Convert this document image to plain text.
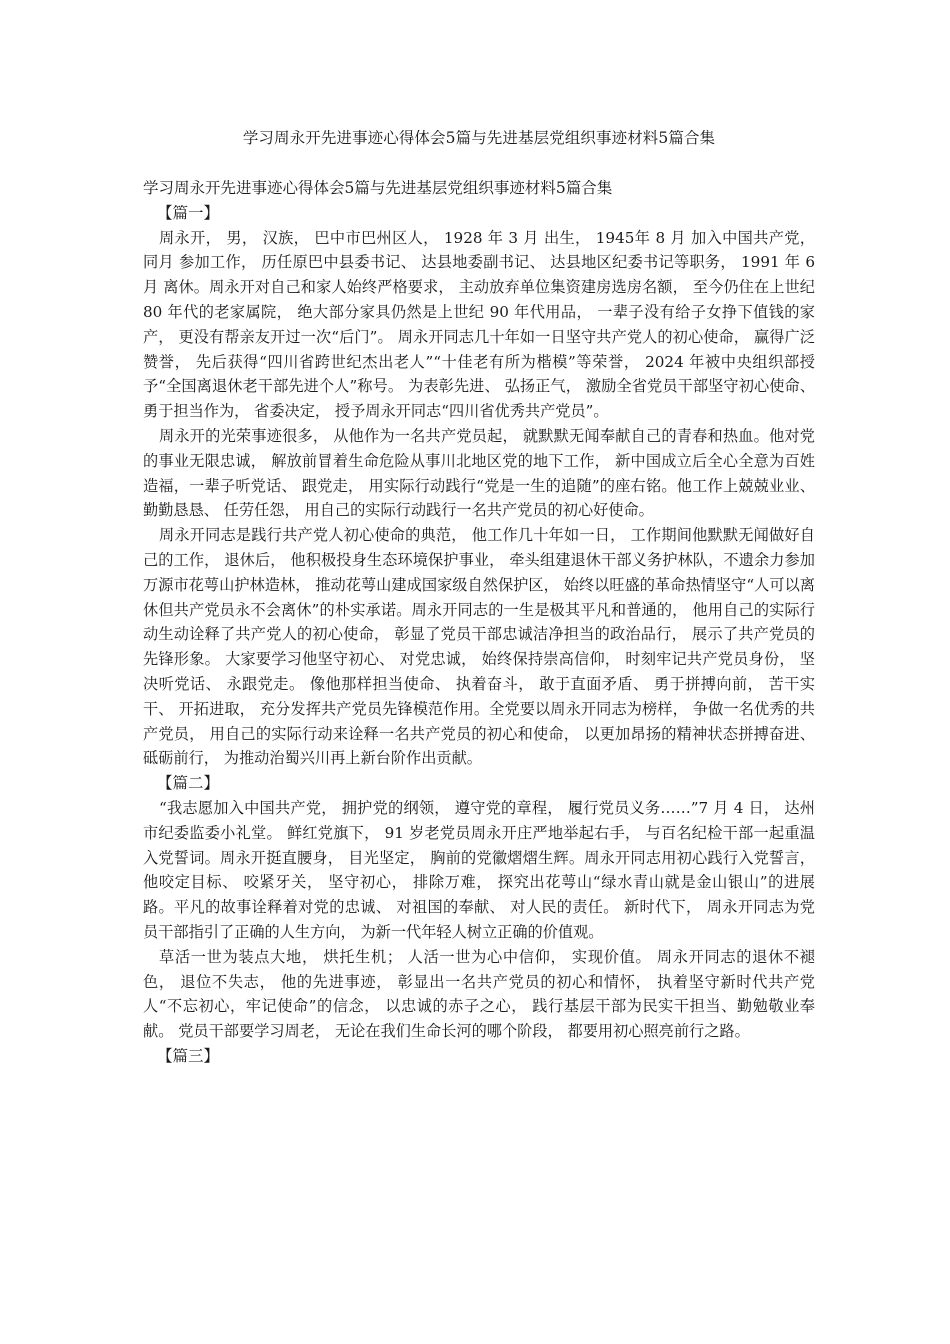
学习周永开先进事迹心得体会5篇与先进基层党组织事迹材料5篇合集

学习周永开先进事迹心得体会5篇与先进基层党组织事迹材料5篇合集

【篇一】

周永开， 男， 汉族， 巴中市巴州区人， 1928 年 3 月 出生， 1945年 8 月 加入中国共产党， 同月 参加工作， 历任原巴中县委书记、 达县地委副书记、 达县地区纪委书记等职务， 1991 年 6 月 离休。周永开对自己和家人始终严格要求， 主动放弃单位集资建房选房名额， 至今仍住在上世纪 80 年代的老家属院， 绝大部分家具仍然是上世纪 90 年代用品， 一辈子没有给子女挣下值钱的家产， 更没有帮亲友开过一次“后门”。 周永开同志几十年如一日坚守共产党人的初心使命， 赢得广泛赞誉， 先后获得“四川省跨世纪杰出老人”“十佳老有所为楷模”等荣誉， 2024 年被中央组织部授予“全国离退休老干部先进个人”称号。 为表彰先进、 弘扬正气， 激励全省党员干部坚守初心使命、 勇于担当作为， 省委决定， 授予周永开同志“四川省优秀共产党员”。

周永开的光荣事迹很多， 从他作为一名共产党员起， 就默默无闻奉献自己的青春和热血。他对党的事业无限忠诚， 解放前冒着生命危险从事川北地区党的地下工作， 新中国成立后全心全意为百姓造福，一辈子听党话、 跟党走， 用实际行动践行“党是一生的追随”的座右铭。他工作上兢兢业业、 勤勤恳恳、 任劳任怨， 用自己的实际行动践行一名共产党员的初心好使命。

周永开同志是践行共产党人初心使命的典范， 他工作几十年如一日， 工作期间他默默无闻做好自己的工作， 退休后， 他积极投身生态环境保护事业， 牵头组建退休干部义务护林队，不遗余力参加万源市花萼山护林造林， 推动花萼山建成国家级自然保护区， 始终以旺盛的革命热情坚守“人可以离休但共产党员永不会离休”的朴实承诺。周永开同志的一生是极其平凡和普通的， 他用自己的实际行动生动诠释了共产党人的初心使命， 彰显了党员干部忠诚洁净担当的政治品行， 展示了共产党员的先锋形象。 大家要学习他坚守初心、 对党忠诚， 始终保持崇高信仰， 时刻牢记共产党员身份， 坚决听党话、 永跟党走。 像他那样担当使命、 执着奋斗， 敢于直面矛盾、 勇于拼搏向前， 苦干实干、 开拓进取， 充分发挥共产党员先锋模范作用。全党要以周永开同志为榜样， 争做一名优秀的共产党员， 用自己的实际行动来诠释一名共产党员的初心和使命， 以更加昂扬的精神状态拼搏奋进、 砥砺前行， 为推动治蜀兴川再上新台阶作出贡献。

【篇二】

“我志愿加入中国共产党， 拥护党的纲领， 遵守党的章程， 履行党员义务……”7 月 4 日， 达州市纪委监委小礼堂。 鲜红党旗下， 91 岁老党员周永开庄严地举起右手， 与百名纪检干部一起重温入党誓词。周永开挺直腰身， 目光坚定， 胸前的党徽熠熠生辉。周永开同志用初心践行入党誓言， 他咬定目标、 咬紧牙关， 坚守初心， 排除万难， 探究出花萼山“绿水青山就是金山银山”的进展路。平凡的故事诠释着对党的忠诚、 对祖国的奉献、 对人民的责任。 新时代下， 周永开同志为党员干部指引了正确的人生方向， 为新一代年轻人树立正确的价值观。

草活一世为装点大地， 烘托生机； 人活一世为心中信仰， 实现价值。 周永开同志的退休不褪色， 退位不失志， 他的先进事迹， 彰显出一名共产党员的初心和情怀， 执着坚守新时代共产党人“不忘初心，牢记使命”的信念， 以忠诚的赤子之心， 践行基层干部为民实干担当、勤勉敬业奉献。 党员干部要学习周老， 无论在我们生命长河的哪个阶段， 都要用初心照亮前行之路。

【篇三】
